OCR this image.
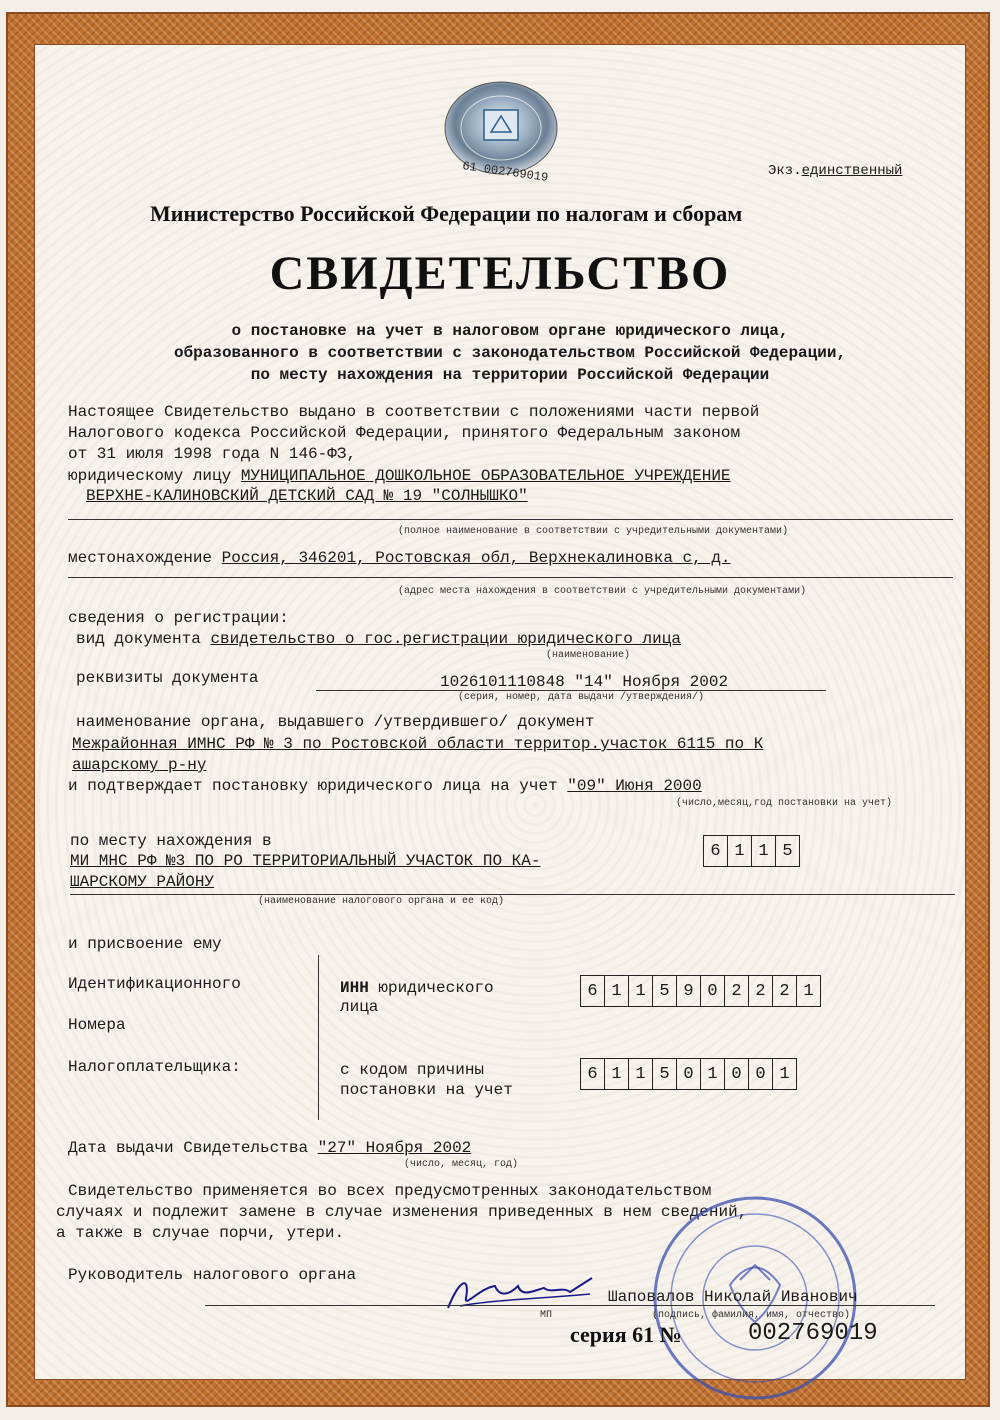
61 002769019	Экз.единственный
Министерство Российской Федерации по налогам и сборам
СВИДЕТЕЛЬСТВО
о постановке на учет в налоговом органе юридического лица,
образованного в соответствии с законодательством Российской Федерации,
по месту нахождения на территории Российской Федерации
Настоящее Свидетельство выдано в соответствии с положениями части первой
Налогового кодекса Российской Федерации, принятого Федеральным законом
от 31 июля 1998 года N 146-ФЗ,
юридическому лицу МУНИЦИПАЛЬНОЕ ДОШКОЛЬНОЕ ОБРАЗОВАТЕЛЬНОЕ УЧРЕЖДЕНИЕ
ВЕРХНЕ-КАЛИНОВСКИЙ ДЕТСКИЙ САД № 19 "СОЛНЫШКО"
(полное наименование в соответствии с учредительными документами)
местонахождение Россия, 346201, Ростовская обл, Верхнекалиновка с, д.
(адрес места нахождения в соответствии с учредительными документами)
сведения о регистрации:
вид документа свидетельство о гос.регистрации юридического лица
(наименование)
реквизиты документа	1026101110848 "14" Ноября 2002
(серия, номер, дата выдачи /утверждения/)
наименование органа, выдавшего /утвердившего/ документ
Межрайонная ИМНС РФ № 3 по Ростовской области территор.участок 6115 по К
ашарскому р-ну
и подтверждает постановку юридического лица на учет "09" Июня 2000
(число,месяц,год постановки на учет)
по месту нахождения в
МИ МНС РФ №3 ПО РО ТЕРРИТОРИАЛЬНЫЙ УЧАСТОК ПО КА-
ШАРСКОМУ РАЙОНУ
(наименование налогового органа и ее код)
6 1 1 5
и присвоение ему
Идентификационного
Номера
Налогоплательщика:
ИНН юридического
лица
6 1 1 5 9 0 2 2 2 1
с кодом причины
постановки на учет
6 1 1 5 0 1 0 0 1
Дата выдачи Свидетельства "27" Ноября 2002
(число, месяц, год)
Свидетельство применяется во всех предусмотренных законодательством
случаях и подлежит замене в случае изменения приведенных в нем сведений,
а также в случае порчи, утери.
Руководитель налогового органа
МП
Шаповалов Николай Иванович
(подпись, фамилия, имя, отчество)
серия 61 №	002769019
